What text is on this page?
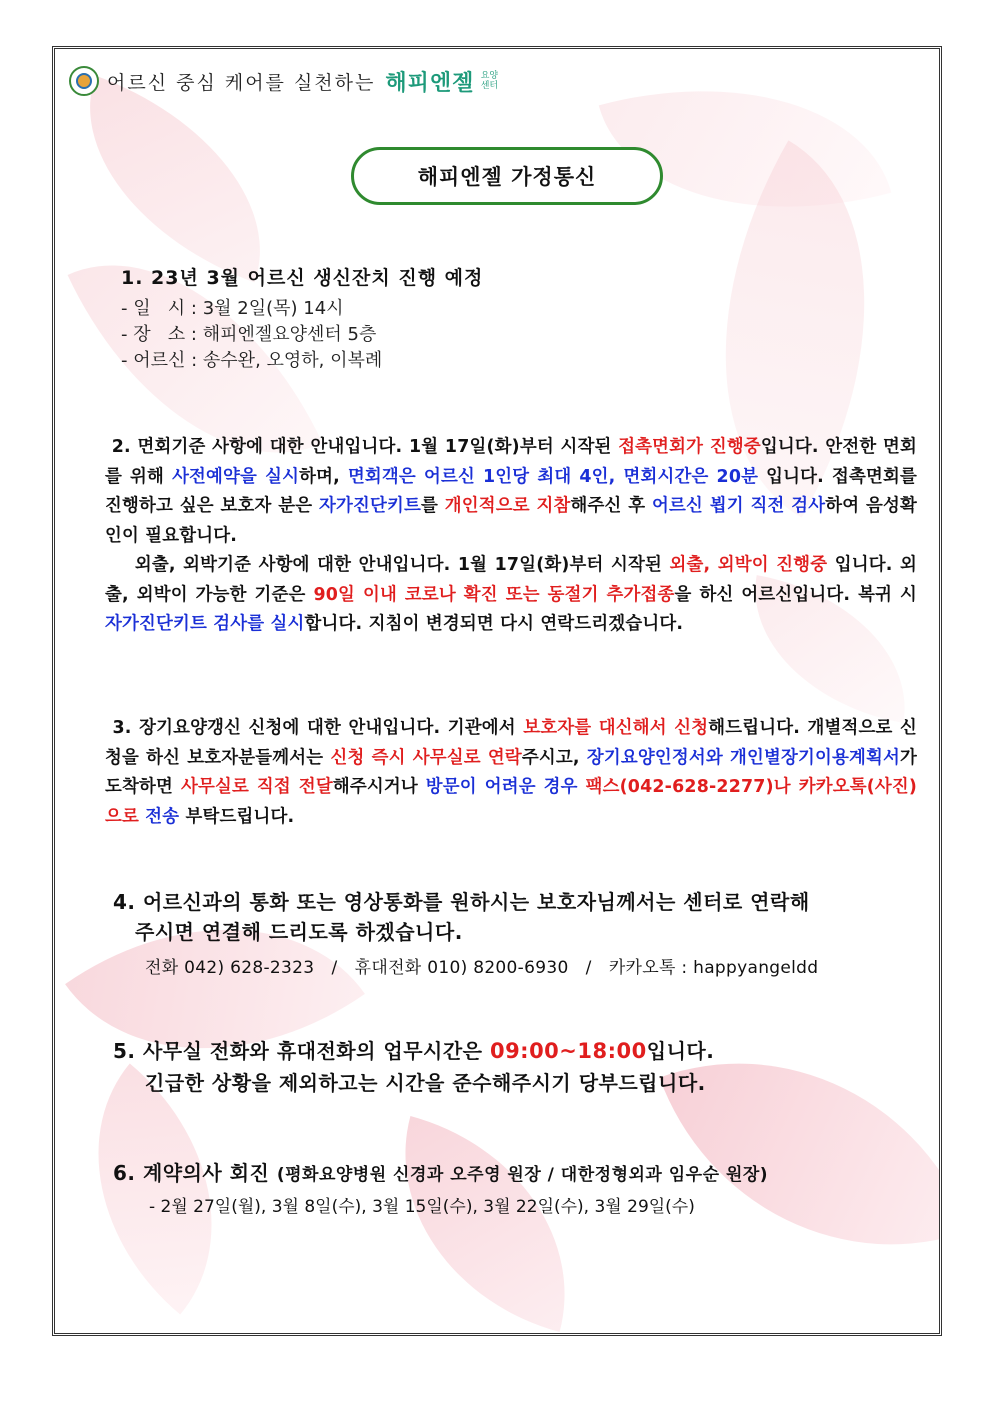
어르신 중심 케어를 실천하는 해피엔젤 요양
센터
해피엔젤 가정통신
1. 23년 3월 어르신 생신잔치 진행 예정
- 일   시 : 3월 2일(목) 14시
- 장   소 : 해피엔젤요양센터 5층
- 어르신 : 송수완, 오영하, 이복례
2. 면회기준 사항에 대한 안내입니다. 1월 17일(화)부터 시작된 접촉면회가 진행중입니다. 안전한 면회를 위해 사전예약을 실시하며, 면회객은 어르신 1인당 최대 4인, 면회시간은 20분 입니다. 접촉면회를 진행하고 싶은 보호자 분은 자가진단키트를 개인적으로 지참해주신 후 어르신 뵙기 직전 검사하여 음성확인이 필요합니다.
외출, 외박기준 사항에 대한 안내입니다. 1월 17일(화)부터 시작된 외출, 외박이 진행중 입니다. 외출, 외박이 가능한 기준은 90일 이내 코로나 확진 또는 동절기 추가접종을 하신 어르신입니다. 복귀 시 자가진단키트 검사를 실시합니다. 지침이 변경되면 다시 연락드리겠습니다.
3. 장기요양갱신 신청에 대한 안내입니다. 기관에서 보호자를 대신해서 신청해드립니다. 개별적으로 신청을 하신 보호자분들께서는 신청 즉시 사무실로 연락주시고, 장기요양인정서와 개인별장기이용계획서가 도착하면 사무실로 직접 전달해주시거나 방문이 어려운 경우 팩스(042-628-2277)나 카카오톡(사진)으로 전송 부탁드립니다.
4. 어르신과의 통화 또는 영상통화를 원하시는 보호자님께서는 센터로 연락해
주시면 연결해 드리도록 하겠습니다.
전화 042) 628-2323   /   휴대전화 010) 8200-6930   /   카카오톡 : happyangeldd
5. 사무실 전화와 휴대전화의 업무시간은 09:00~18:00입니다.
긴급한 상황을 제외하고는 시간을 준수해주시기 당부드립니다.
6. 계약의사 회진 (평화요양병원 신경과 오주영 원장 / 대한정형외과 임우순 원장)
- 2월 27일(월), 3월 8일(수), 3월 15일(수), 3월 22일(수), 3월 29일(수)
